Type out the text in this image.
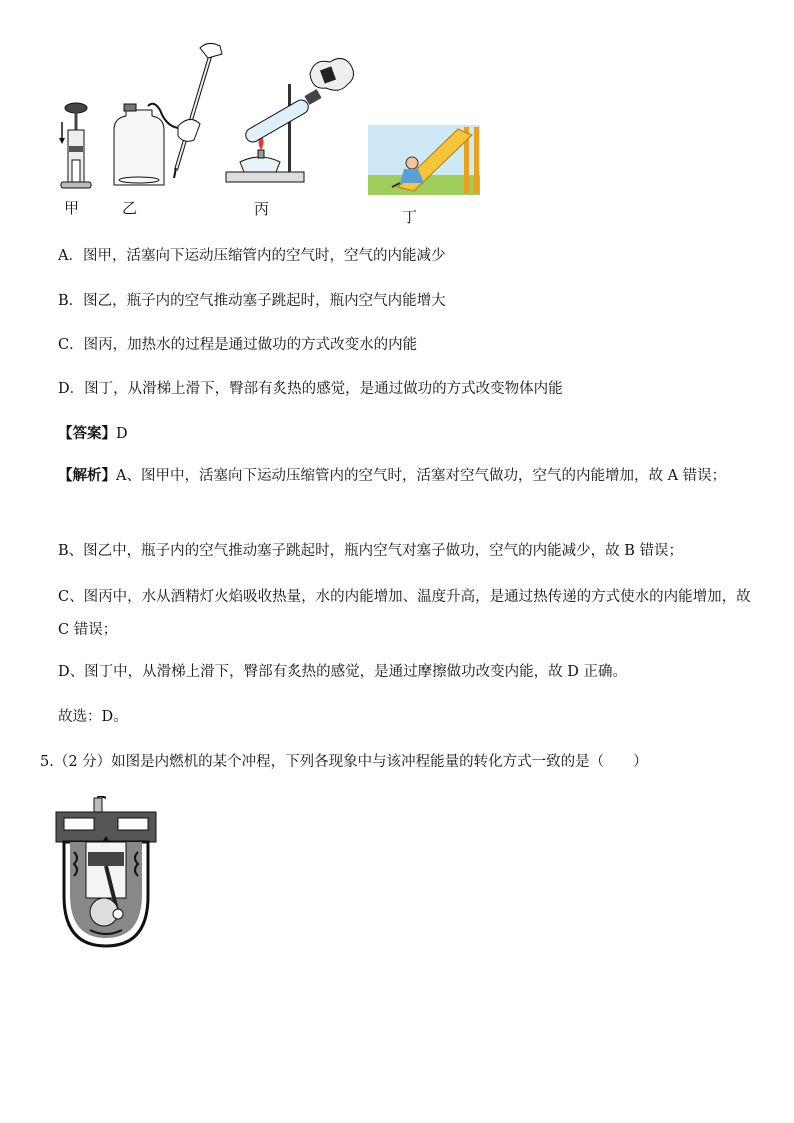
甲	乙	丙	丁
A．图甲，活塞向下运动压缩管内的空气时，空气的内能减少
B．图乙，瓶子内的空气推动塞子跳起时，瓶内空气内能增大
C．图丙，加热水的过程是通过做功的方式改变水的内能
D．图丁，从滑梯上滑下，臀部有炙热的感觉，是通过做功的方式改变物体内能
【答案】D
【解析】A、图甲中，活塞向下运动压缩管内的空气时，活塞对空气做功，空气的内能增加，故 A 错误；
B、图乙中，瓶子内的空气推动塞子跳起时，瓶内空气对塞子做功，空气的内能减少，故 B 错误；
C、图丙中，水从酒精灯火焰吸收热量，水的内能增加、温度升高，是通过热传递的方式使水的内能增加，故 C 错误；
D、图丁中，从滑梯上滑下，臀部有炙热的感觉，是通过摩擦做功改变内能，故 D 正确。
故选：D。
5.（2 分）如图是内燃机的某个冲程，下列各现象中与该冲程能量的转化方式一致的是（　　）
